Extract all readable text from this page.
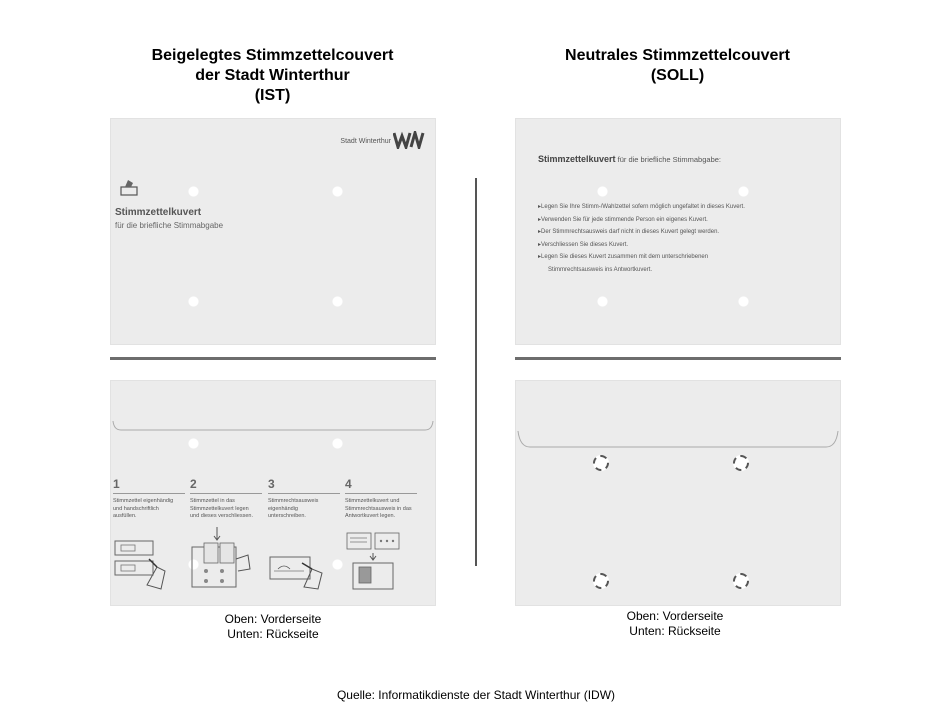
Beigelegtes Stimmzettelcouvert
der Stadt Winterthur
(IST)
Neutrales Stimmzettelcouvert
(SOLL)
Stadt Winterthur
Stimmzettelkuvert
für die briefliche Stimmabgabe
Stimmzettelkuvert für die briefliche Stimmabgabe:
▸ Legen Sie Ihre Stimm-/Wahlzettel sofern möglich ungefaltet in dieses Kuvert.
▸ Verwenden Sie für jede stimmende Person ein eigenes Kuvert.
▸ Der Stimmrechtsausweis darf nicht in dieses Kuvert gelegt werden.
▸ Verschliessen Sie dieses Kuvert.
▸ Legen Sie dieses Kuvert zusammen mit dem unterschriebenen
Stimmrechtsausweis ins Antwortkuvert.
1
Stimmzettel eigenhändig
und handschriftlich
ausfüllen.
2
Stimmzettel in das
Stimmzettelkuvert legen
und dieses verschliessen.
3
Stimmrechtsausweis
eigenhändig
unterschreiben.
4
Stimmzettelkuvert und
Stimmrechtsausweis in das
Antwortkuvert legen.
Oben: Vorderseite
Unten: Rückseite
Oben: Vorderseite
Unten: Rückseite
Quelle: Informatikdienste der Stadt Winterthur (IDW)
